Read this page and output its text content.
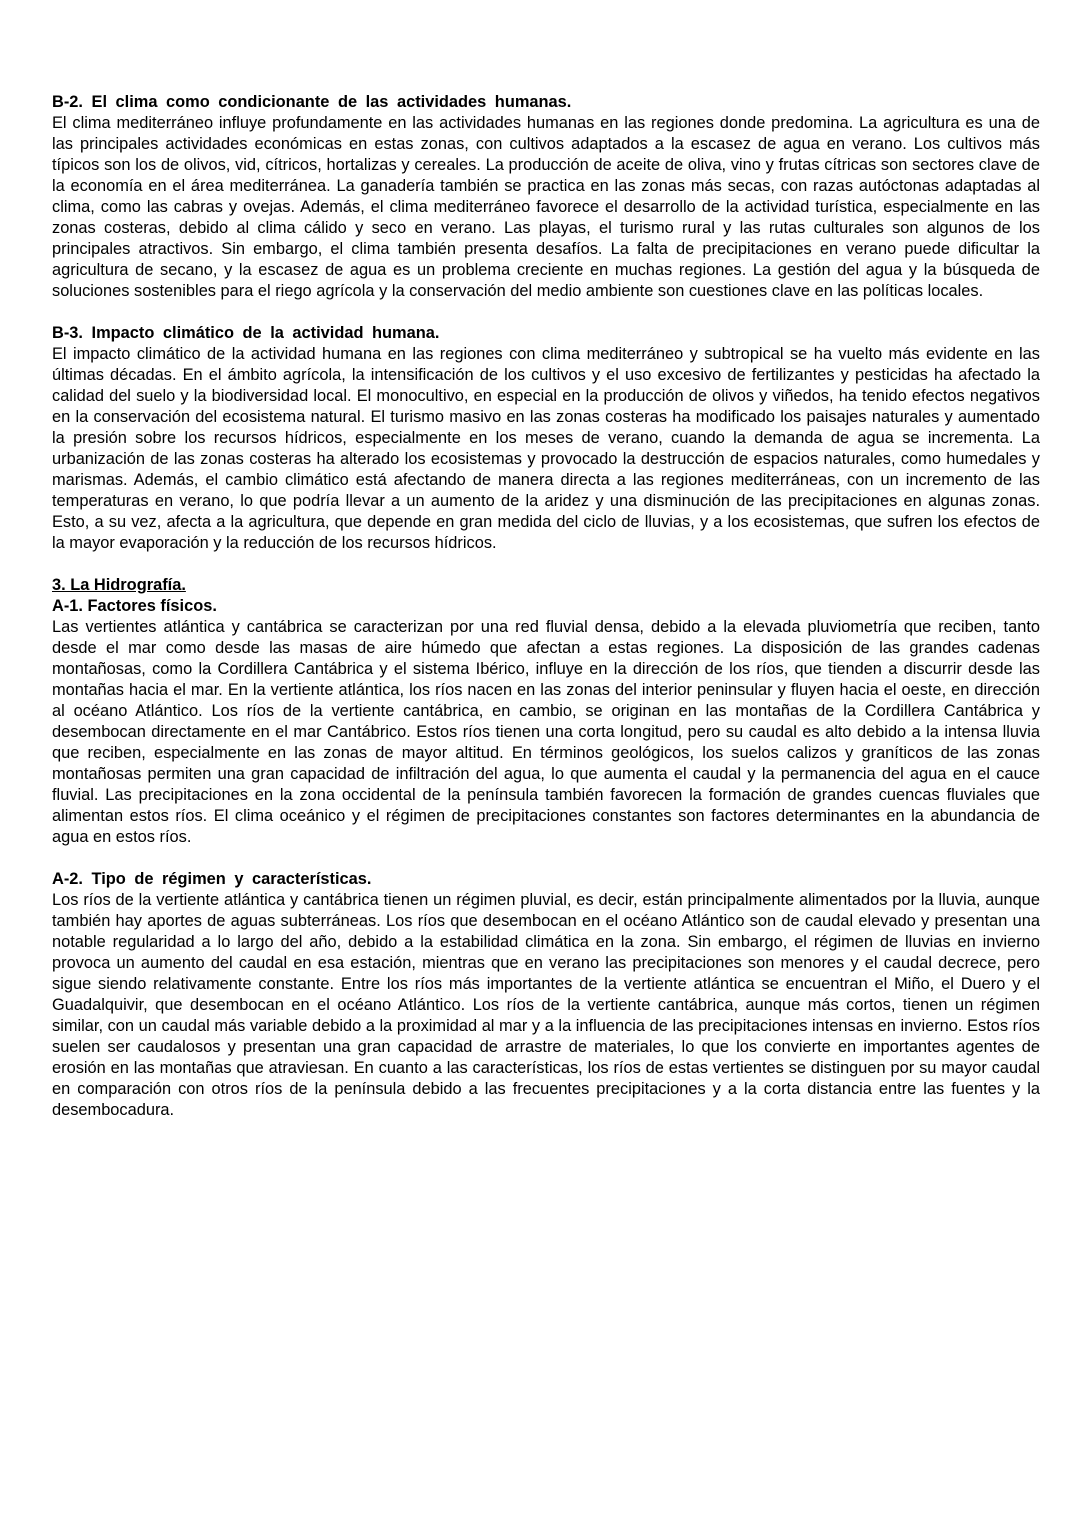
B-2. El clima como condicionante de las actividades humanas.

El clima mediterráneo influye profundamente en las actividades humanas en las regiones donde predomina. La agricultura es una de las principales actividades económicas en estas zonas, con cultivos adaptados a la escasez de agua en verano. Los cultivos más típicos son los de olivos, vid, cítricos, hortalizas y cereales. La producción de aceite de oliva, vino y frutas cítricas son sectores clave de la economía en el área mediterránea. La ganadería también se practica en las zonas más secas, con razas autóctonas adaptadas al clima, como las cabras y ovejas. Además, el clima mediterráneo favorece el desarrollo de la actividad turística, especialmente en las zonas costeras, debido al clima cálido y seco en verano. Las playas, el turismo rural y las rutas culturales son algunos de los principales atractivos. Sin embargo, el clima también presenta desafíos. La falta de precipitaciones en verano puede dificultar la agricultura de secano, y la escasez de agua es un problema creciente en muchas regiones. La gestión del agua y la búsqueda de soluciones sostenibles para el riego agrícola y la conservación del medio ambiente son cuestiones clave en las políticas locales.

B-3. Impacto climático de la actividad humana.

El impacto climático de la actividad humana en las regiones con clima mediterráneo y subtropical se ha vuelto más evidente en las últimas décadas. En el ámbito agrícola, la intensificación de los cultivos y el uso excesivo de fertilizantes y pesticidas ha afectado la calidad del suelo y la biodiversidad local. El monocultivo, en especial en la producción de olivos y viñedos, ha tenido efectos negativos en la conservación del ecosistema natural. El turismo masivo en las zonas costeras ha modificado los paisajes naturales y aumentado la presión sobre los recursos hídricos, especialmente en los meses de verano, cuando la demanda de agua se incrementa. La urbanización de las zonas costeras ha alterado los ecosistemas y provocado la destrucción de espacios naturales, como humedales y marismas. Además, el cambio climático está afectando de manera directa a las regiones mediterráneas, con un incremento de las temperaturas en verano, lo que podría llevar a un aumento de la aridez y una disminución de las precipitaciones en algunas zonas. Esto, a su vez, afecta a la agricultura, que depende en gran medida del ciclo de lluvias, y a los ecosistemas, que sufren los efectos de la mayor evaporación y la reducción de los recursos hídricos.

3. La Hidrografía.
A-1. Factores físicos.

Las vertientes atlántica y cantábrica se caracterizan por una red fluvial densa, debido a la elevada pluviometría que reciben, tanto desde el mar como desde las masas de aire húmedo que afectan a estas regiones. La disposición de las grandes cadenas montañosas, como la Cordillera Cantábrica y el sistema Ibérico, influye en la dirección de los ríos, que tienden a discurrir desde las montañas hacia el mar. En la vertiente atlántica, los ríos nacen en las zonas del interior peninsular y fluyen hacia el oeste, en dirección al océano Atlántico. Los ríos de la vertiente cantábrica, en cambio, se originan en las montañas de la Cordillera Cantábrica y desembocan directamente en el mar Cantábrico. Estos ríos tienen una corta longitud, pero su caudal es alto debido a la intensa lluvia que reciben, especialmente en las zonas de mayor altitud. En términos geológicos, los suelos calizos y graníticos de las zonas montañosas permiten una gran capacidad de infiltración del agua, lo que aumenta el caudal y la permanencia del agua en el cauce fluvial. Las precipitaciones en la zona occidental de la península también favorecen la formación de grandes cuencas fluviales que alimentan estos ríos. El clima oceánico y el régimen de precipitaciones constantes son factores determinantes en la abundancia de agua en estos ríos.

A-2. Tipo de régimen y características.

Los ríos de la vertiente atlántica y cantábrica tienen un régimen pluvial, es decir, están principalmente alimentados por la lluvia, aunque también hay aportes de aguas subterráneas. Los ríos que desembocan en el océano Atlántico son de caudal elevado y presentan una notable regularidad a lo largo del año, debido a la estabilidad climática en la zona. Sin embargo, el régimen de lluvias en invierno provoca un aumento del caudal en esa estación, mientras que en verano las precipitaciones son menores y el caudal decrece, pero sigue siendo relativamente constante. Entre los ríos más importantes de la vertiente atlántica se encuentran el Miño, el Duero y el Guadalquivir, que desembocan en el océano Atlántico. Los ríos de la vertiente cantábrica, aunque más cortos, tienen un régimen similar, con un caudal más variable debido a la proximidad al mar y a la influencia de las precipitaciones intensas en invierno. Estos ríos suelen ser caudalosos y presentan una gran capacidad de arrastre de materiales, lo que los convierte en importantes agentes de erosión en las montañas que atraviesan. En cuanto a las características, los ríos de estas vertientes se distinguen por su mayor caudal en comparación con otros ríos de la península debido a las frecuentes precipitaciones y a la corta distancia entre las fuentes y la desembocadura.
